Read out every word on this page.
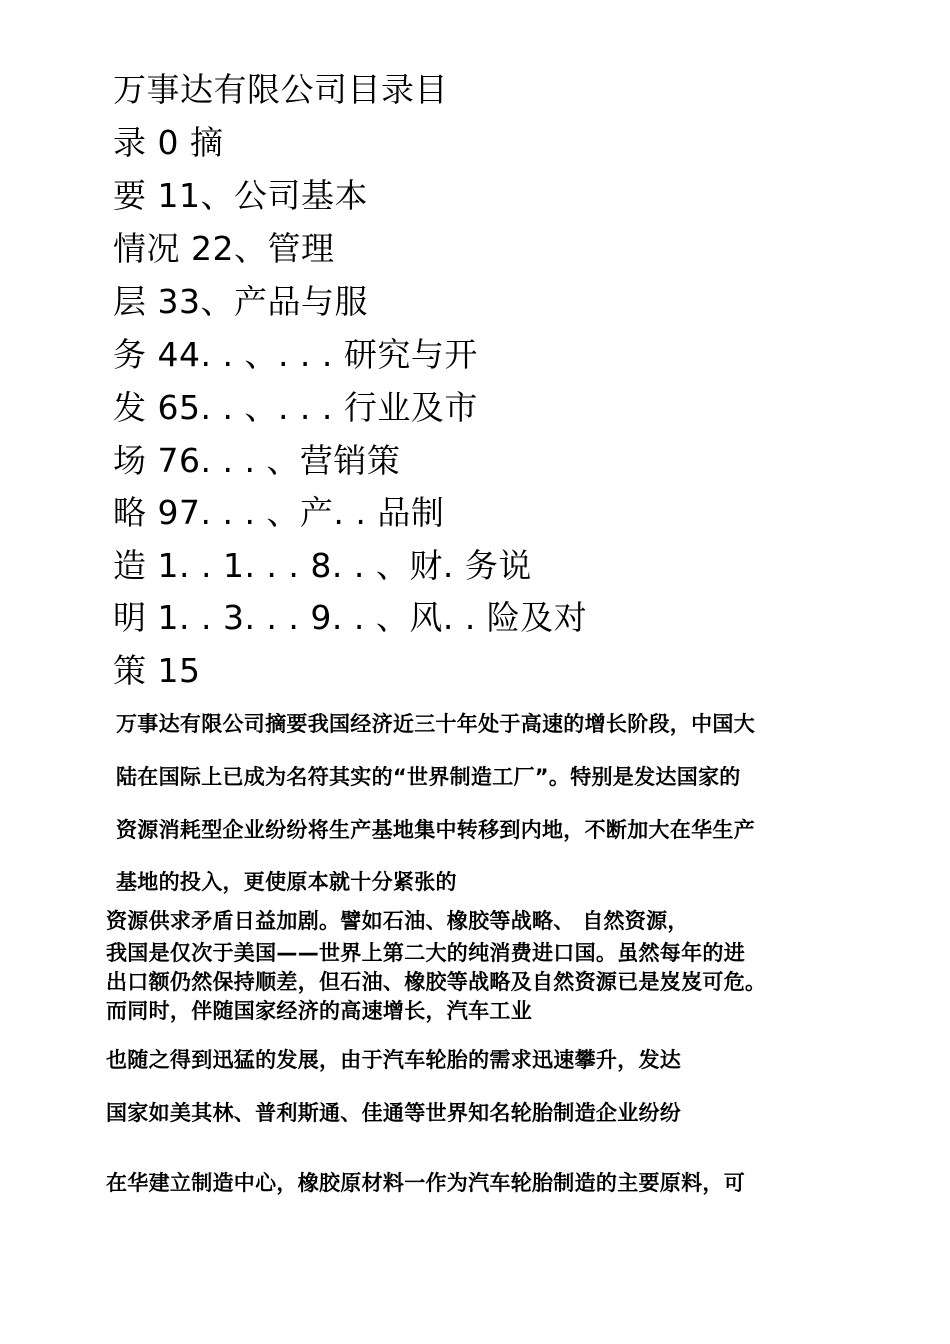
万事达有限公司目录目
录 0 摘
要 11、公司基本
情况 22、管理
层 33、产品与服
务 44. . 、. . . 研究与开
发 65. . 、. . . 行业及市
场 76. . . 、营销策
略 97. . . 、产. . 品制
造 1. . 1. . . 8. . 、财. 务说
明 1. . 3. . . 9. . 、风. . 险及对
策 15
万事达有限公司摘要我国经济近三十年处于高速的增长阶段，中国大
陆在国际上已成为名符其实的“世界制造工厂”。特别是发达国家的
资源消耗型企业纷纷将生产基地集中转移到内地，不断加大在华生产
基地的投入，更使原本就十分紧张的
资源供求矛盾日益加剧。譬如石油、橡胶等战略、 自然资源，
我国是仅次于美国——世界上第二大的纯消费进口国。虽然每年的进
出口额仍然保持顺差，但石油、橡胶等战略及自然资源已是岌岌可危。
而同时，伴随国家经济的高速增长，汽车工业
也随之得到迅猛的发展，由于汽车轮胎的需求迅速攀升，发达
国家如美其林、普利斯通、佳通等世界知名轮胎制造企业纷纷
在华建立制造中心，橡胶原材料一作为汽车轮胎制造的主要原料，可
